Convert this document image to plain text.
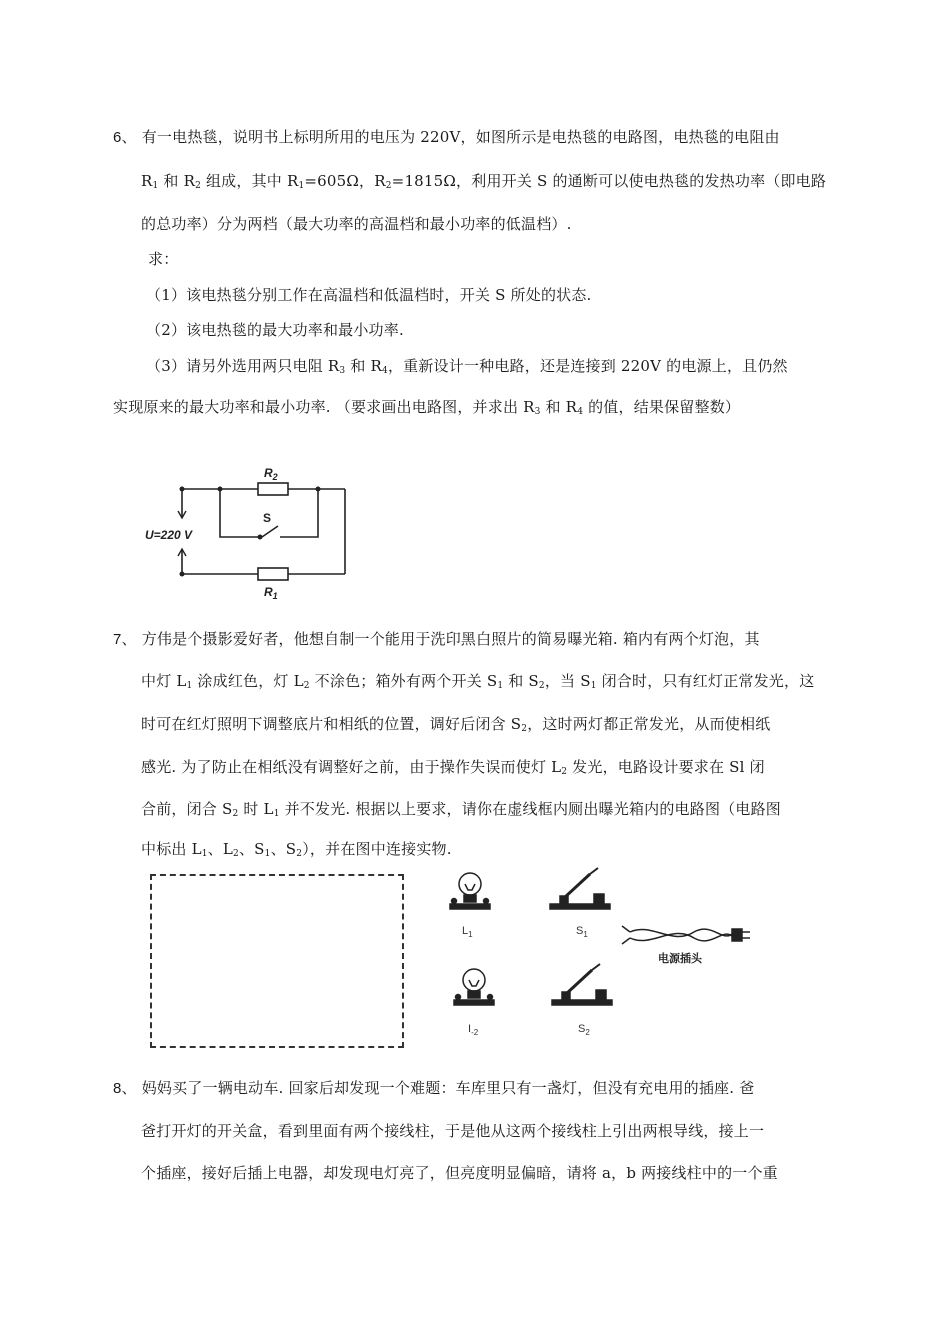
6、 有一电热毯，说明书上标明所用的电压为 220V，如图所示是电热毯的电路图，电热毯的电阻由
$R_1$ 和 $R_2$ 组成，其中 $R_1=605\Omega$，$R_2=1815\Omega$，利用开关 S 的通断可以使电热毯的发热功率（即电路
的总功率）分为两档（最大功率的高温档和最小功率的低温档）.
求：
（1）该电热毯分别工作在高温档和低温档时，开关 S 所处的状态.
（2）该电热毯的最大功率和最小功率.
（3）请另外选用两只电阻 $R_3$ 和 $R_4$，重新设计一种电路，还是连接到 220V 的电源上，且仍然
实现原来的最大功率和最小功率. （要求画出电路图，并求出 $R_3$ 和 $R_4$ 的值，结果保留整数）
U=220 V
$R_2$
$R_1$
S
7、 方伟是个摄影爱好者，他想自制一个能用于洗印黑白照片的简易曝光箱. 箱内有两个灯泡，其
中灯 $L_1$ 涂成红色，灯 $L_2$ 不涂色；箱外有两个开关 $S_1$ 和 $S_2$，当 $S_1$ 闭合时，只有红灯正常发光，这
时可在红灯照明下调整底片和相纸的位置，调好后闭含 $S_2$，这时两灯都正常发光，从而使相纸
感光. 为了防止在相纸没有调整好之前，由于操作失误而使灯 $L_2$ 发光，电路设计要求在 Sl 闭
合前，闭合 $S_2$ 时 $L_1$ 并不发光. 根据以上要求，请你在虚线框内厕出曝光箱内的电路图（电路图
中标出 $L_1$、$L_2$、$S_1$、$S_2$），并在图中连接实物.
$L_1$	$S_1$
电源插头
$I_{-2}$	$S_2$
8、 妈妈买了一辆电动车. 回家后却发现一个难题：车库里只有一盏灯，但没有充电用的插座. 爸
爸打开灯的开关盒，看到里面有两个接线柱，于是他从这两个接线柱上引出两根导线，接上一
个插座，接好后插上电器，却发现电灯亮了，但亮度明显偏暗，请将 a，b 两接线柱中的一个重
